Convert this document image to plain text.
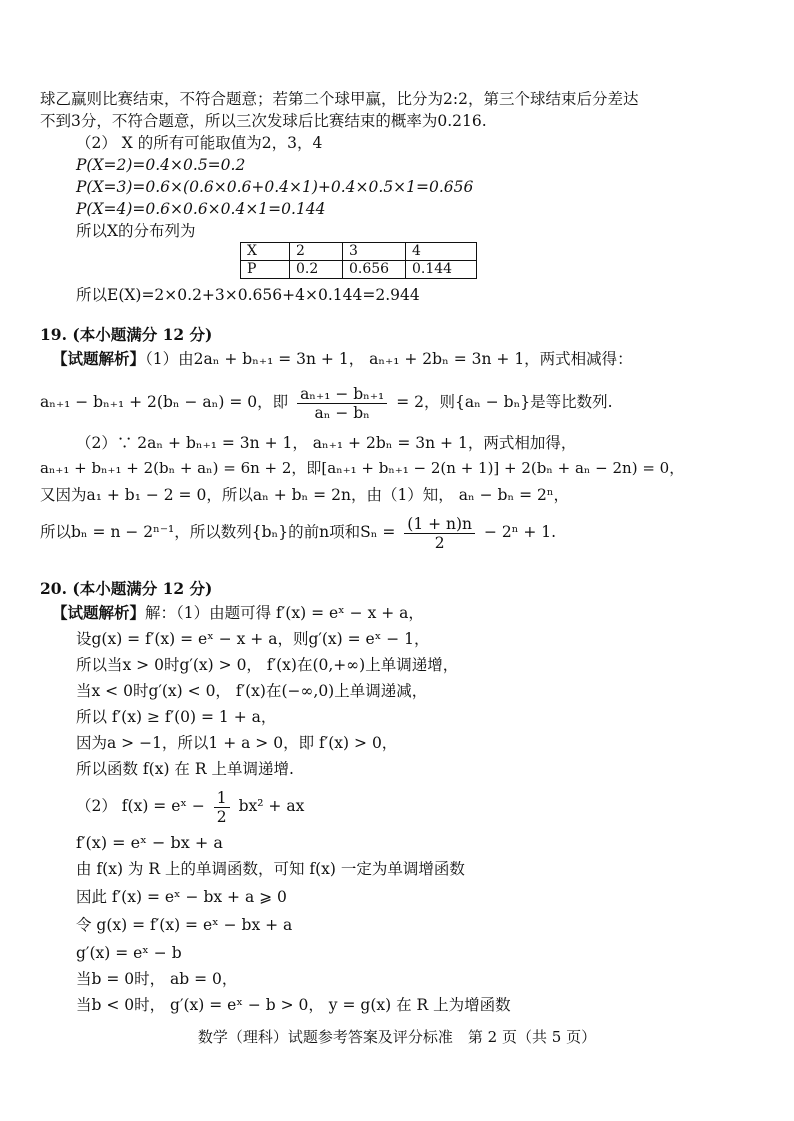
球乙赢则比赛结束，不符合题意；若第二个球甲赢，比分为2:2，第三个球结束后分差达
不到3分，不符合题意，所以三次发球后比赛结束的概率为0.216.
（2） X 的所有可能取值为2，3，4
P(X=2)=0.4×0.5=0.2
P(X=3)=0.6×(0.6×0.6+0.4×1)+0.4×0.5×1=0.656
P(X=4)=0.6×0.6×0.4×1=0.144
所以X的分布列为
X	2	3	4
P	0.2	0.656	0.144
所以E(X)=2×0.2+3×0.656+4×0.144=2.944
19. (本小题满分 12 分)
【试题解析】（1）由2aₙ + bₙ₊₁ = 3n + 1， aₙ₊₁ + 2bₙ = 3n + 1，两式相减得：
aₙ₊₁ − bₙ₊₁ + 2(bₙ − aₙ) = 0，即 $\frac{\text{aₙ₊₁ − bₙ₊₁}}{\text{aₙ − bₙ}} = 2$，则{aₙ − bₙ}是等比数列.
（2）∵ 2aₙ + bₙ₊₁ = 3n + 1， aₙ₊₁ + 2bₙ = 3n + 1，两式相加得，
aₙ₊₁ + bₙ₊₁ + 2(bₙ + aₙ) = 6n + 2，即[aₙ₊₁ + bₙ₊₁ − 2(n + 1)] + 2(bₙ + aₙ − 2n) = 0，
又因为a₁ + b₁ − 2 = 0，所以aₙ + bₙ = 2n，由（1）知， aₙ − bₙ = 2ⁿ，
所以bₙ = n − 2ⁿ⁻¹，所以数列{bₙ}的前n项和$S_n = \frac{(1 + n)n}{2} - 2^n + 1$.
20. (本小题满分 12 分)
【试题解析】解：（1）由题可得 f′(x) = eˣ − x + a，
设g(x) = f′(x) = eˣ − x + a，则g′(x) = eˣ − 1，
所以当x > 0时g′(x) > 0， f′(x)在(0,+∞)上单调递增，
当x < 0时g′(x) < 0， f′(x)在(−∞,0)上单调递减，
所以 f′(x) ≥ f′(0) = 1 + a，
因为a > −1，所以1 + a > 0，即 f′(x) > 0，
所以函数 f(x) 在 R 上单调递增.
（2） f(x) = eˣ − $\frac{1}{2} bx^2$ + ax
f′(x) = eˣ − bx + a
由 f(x) 为 R 上的单调函数，可知 f(x) 一定为单调增函数
因此 f′(x) = eˣ − bx + a ⩾ 0
令 g(x) = f′(x) = eˣ − bx + a
g′(x) = eˣ − b
当b = 0时， ab = 0，
当b < 0时， g′(x) = eˣ − b > 0， y = g(x) 在 R 上为增函数
数学（理科）试题参考答案及评分标准　第 2 页（共 5 页）
